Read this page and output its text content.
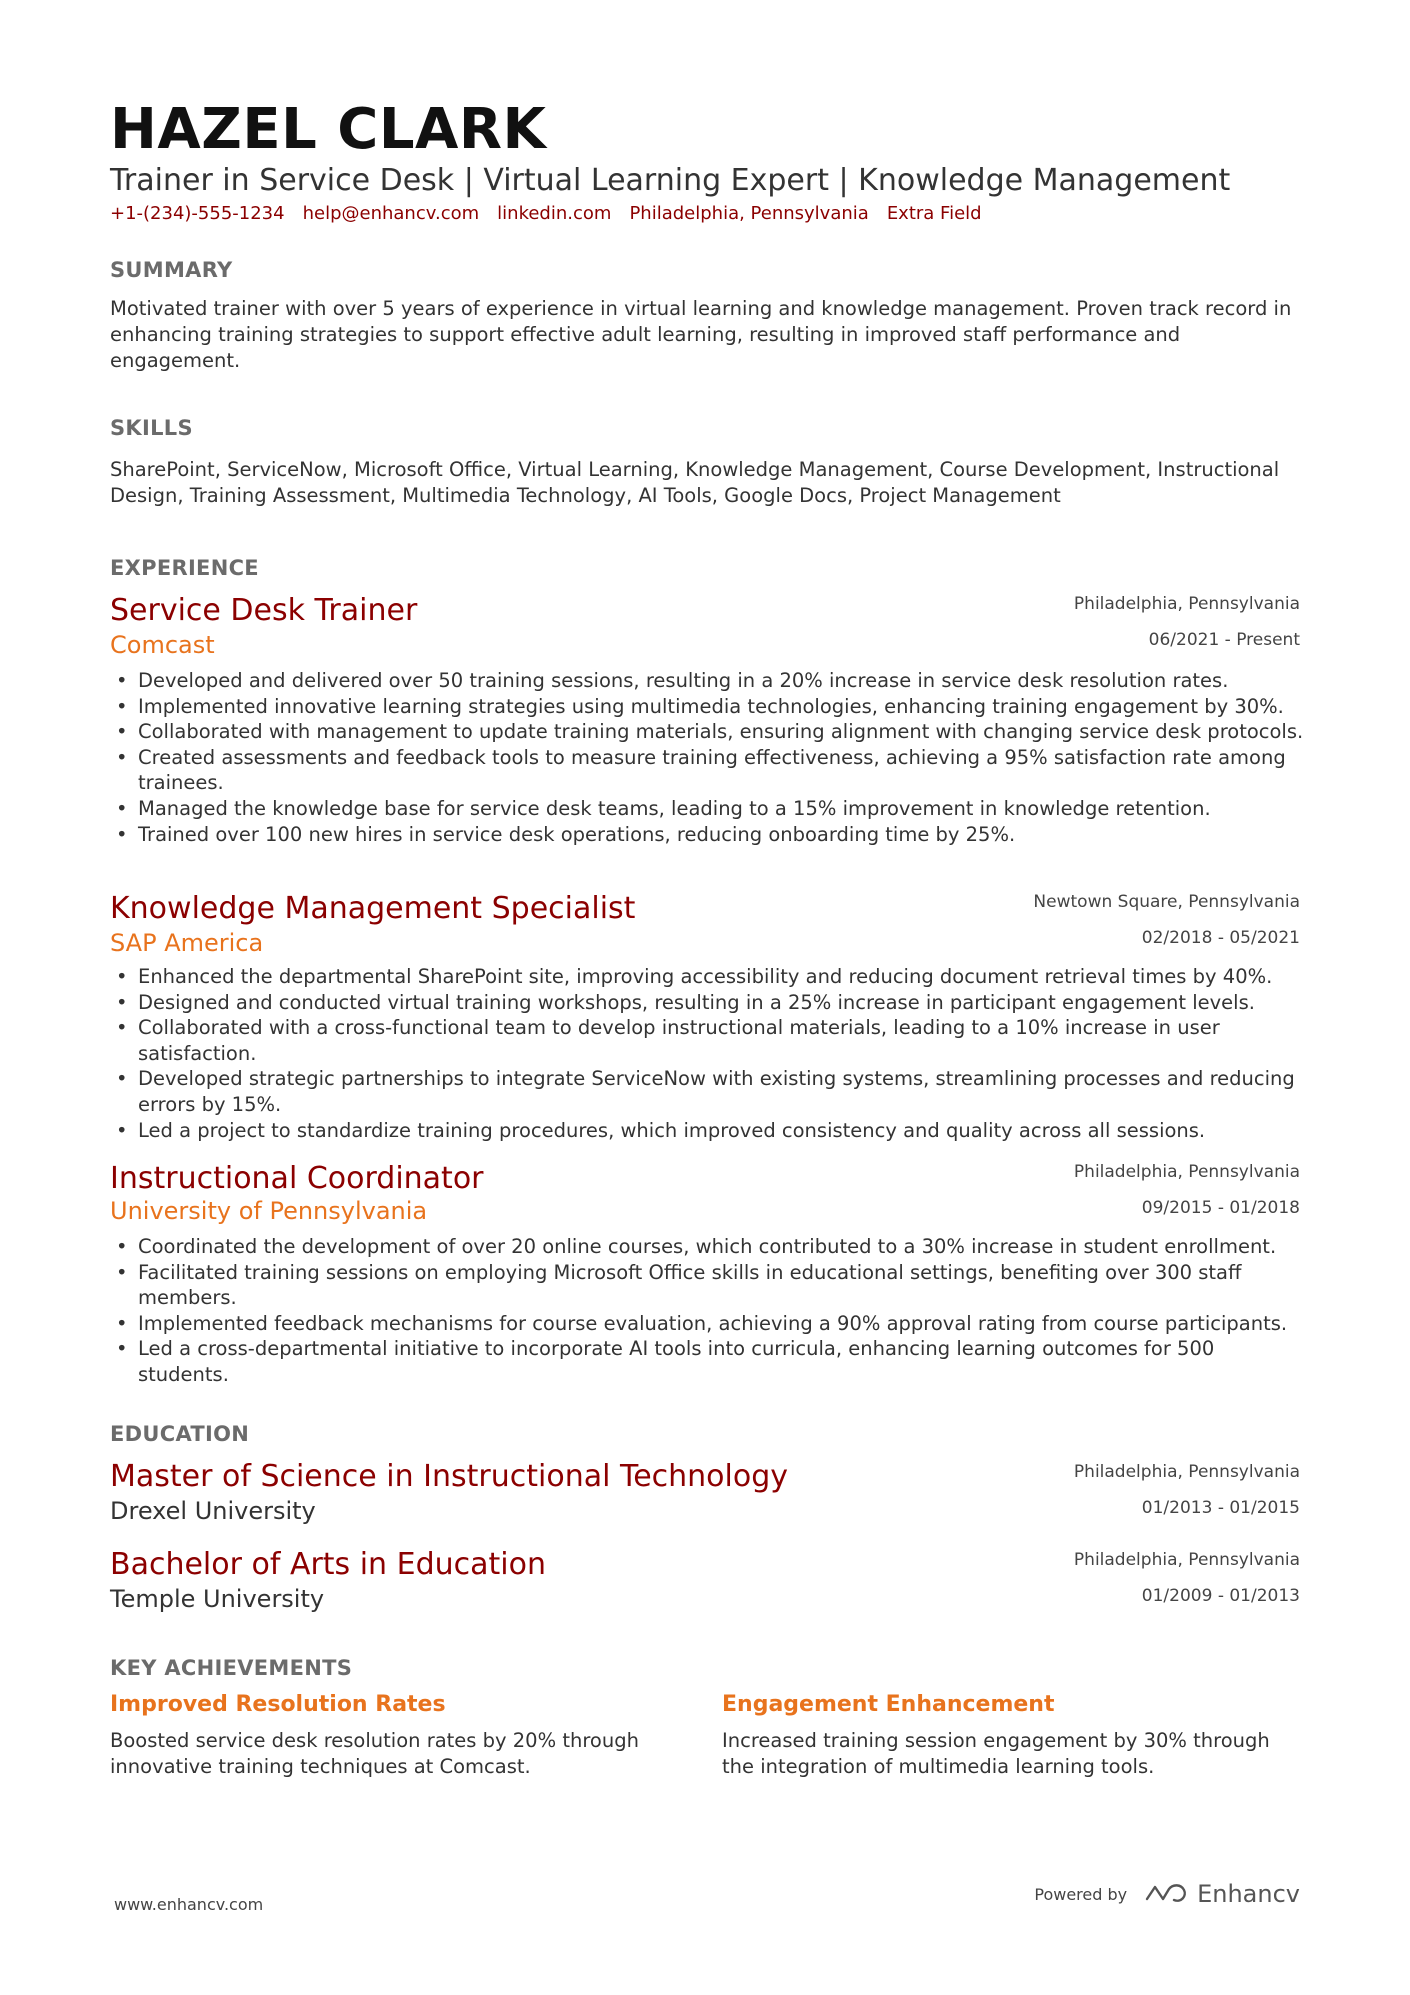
HAZEL CLARK
Trainer in Service Desk | Virtual Learning Expert | Knowledge Management
+1-(234)-555-1234 help@enhancv.com linkedin.com Philadelphia, Pennsylvania Extra Field
SUMMARY
Motivated trainer with over 5 years of experience in virtual learning and knowledge management. Proven track record in enhancing training strategies to support effective adult learning, resulting in improved staff performance and engagement.
SKILLS
SharePoint, ServiceNow, Microsoft Office, Virtual Learning, Knowledge Management, Course Development, Instructional Design, Training Assessment, Multimedia Technology, AI Tools, Google Docs, Project Management
EXPERIENCE
Service Desk Trainer	Philadelphia, Pennsylvania
Comcast	06/2021 - Present
• Developed and delivered over 50 training sessions, resulting in a 20% increase in service desk resolution rates.
• Implemented innovative learning strategies using multimedia technologies, enhancing training engagement by 30%.
• Collaborated with management to update training materials, ensuring alignment with changing service desk protocols.
• Created assessments and feedback tools to measure training effectiveness, achieving a 95% satisfaction rate among trainees.
• Managed the knowledge base for service desk teams, leading to a 15% improvement in knowledge retention.
• Trained over 100 new hires in service desk operations, reducing onboarding time by 25%.
Knowledge Management Specialist	Newtown Square, Pennsylvania
SAP America	02/2018 - 05/2021
• Enhanced the departmental SharePoint site, improving accessibility and reducing document retrieval times by 40%.
• Designed and conducted virtual training workshops, resulting in a 25% increase in participant engagement levels.
• Collaborated with a cross-functional team to develop instructional materials, leading to a 10% increase in user satisfaction.
• Developed strategic partnerships to integrate ServiceNow with existing systems, streamlining processes and reducing errors by 15%.
• Led a project to standardize training procedures, which improved consistency and quality across all sessions.
Instructional Coordinator	Philadelphia, Pennsylvania
University of Pennsylvania	09/2015 - 01/2018
• Coordinated the development of over 20 online courses, which contributed to a 30% increase in student enrollment.
• Facilitated training sessions on employing Microsoft Office skills in educational settings, benefiting over 300 staff members.
• Implemented feedback mechanisms for course evaluation, achieving a 90% approval rating from course participants.
• Led a cross-departmental initiative to incorporate AI tools into curricula, enhancing learning outcomes for 500 students.
EDUCATION
Master of Science in Instructional Technology	Philadelphia, Pennsylvania
Drexel University	01/2013 - 01/2015
Bachelor of Arts in Education	Philadelphia, Pennsylvania
Temple University	01/2009 - 01/2013
KEY ACHIEVEMENTS
Improved Resolution Rates
Boosted service desk resolution rates by 20% through innovative training techniques at Comcast.
Engagement Enhancement
Increased training session engagement by 30% through the integration of multimedia learning tools.
www.enhancv.com
Powered by	Enhancv
